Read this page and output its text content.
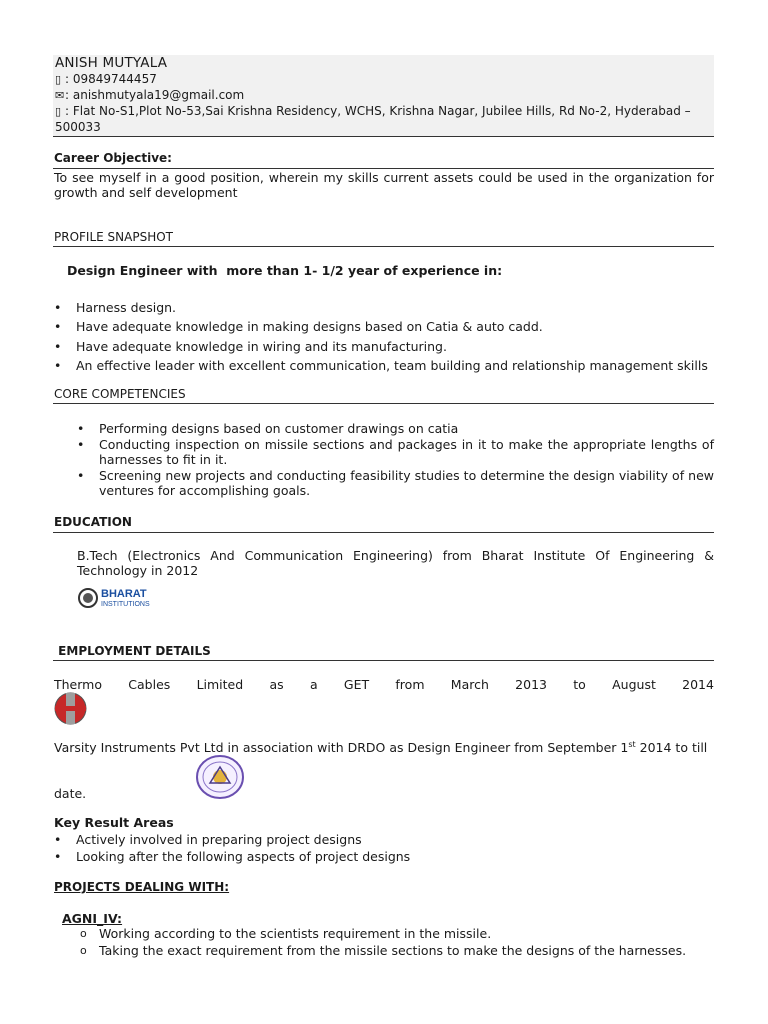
ANISH MUTYALA
▯ : 09849744457
✉: anishmutyala19@gmail.com
▯ : Flat No-S1,Plot No-53,Sai Krishna Residency, WCHS, Krishna Nagar, Jubilee Hills, Rd No-2, Hyderabad –
500033
Career Objective:
To see myself in a good position, wherein my skills current assets could be used in the organization for growth and self development
PROFILE SNAPSHOT
Design Engineer with  more than 1- 1/2 year of experience in:
• Harness design.
• Have adequate knowledge in making designs based on Catia & auto cadd.
• Have adequate knowledge in wiring and its manufacturing.
• An effective leader with excellent communication, team building and relationship management skills
CORE COMPETENCIES
• Performing designs based on customer drawings on catia
• Conducting inspection on missile sections and packages in it to make the appropriate lengths of harnesses to fit in it.
• Screening new projects and conducting feasibility studies to determine the design viability of new ventures for accomplishing goals.
EDUCATION
B.Tech (Electronics And Communication Engineering) from Bharat Institute Of Engineering & Technology in 2012
BHARAT
INSTITUTIONS
EMPLOYMENT DETAILS
Thermo Cables Limited as a GET from March 2013 to August 2014
Varsity Instruments Pvt Ltd in association with DRDO as Design Engineer from September 1st 2014 to till
date.
Key Result Areas
• Actively involved in preparing project designs
• Looking after the following aspects of project designs
PROJECTS DEALING WITH:
AGNI_IV:
o Working according to the scientists requirement in the missile.
o Taking the exact requirement from the missile sections to make the designs of the harnesses.
